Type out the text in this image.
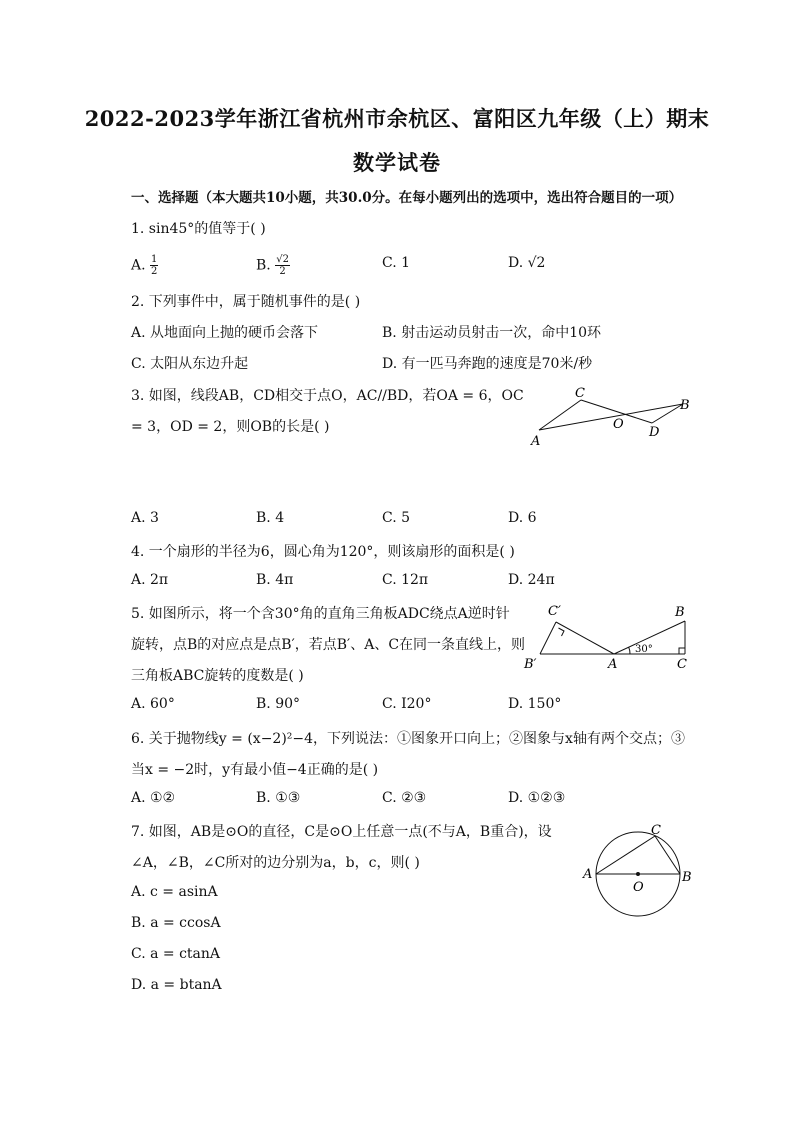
2022-2023学年浙江省杭州市余杭区、富阳区九年级（上）期末
数学试卷
一、选择题（本大题共10小题，共30.0分。在每小题列出的选项中，选出符合题目的一项）
1. sin45°的值等于( )
A. $\frac{1}{2}$	B. $\frac{√2}{2}$	C. 1	D. √2
2. 下列事件中，属于随机事件的是( )
A. 从地面向上抛的硬币会落下	B. 射击运动员射击一次，命中10环
C. 太阳从东边升起	D. 有一匹马奔跑的速度是70米/秒
3. 如图，线段AB，CD相交于点O，AC//BD，若OA = 6，OC
= 3，OD = 2，则OB的长是( )
A
C
O
D
B
A. 3	B. 4	C. 5	D. 6
4. 一个扇形的半径为6，圆心角为120°，则该扇形的面积是( )
A. 2π	B. 4π	C. 12π	D. 24π
5. 如图所示，将一个含30°角的直角三角板ADC绕点A逆时针
旋转，点B的对应点是点B′，若点B′、A、C在同一条直线上，则
三角板ABC旋转的度数是( )
30°
C′
B′	A
B
C
A. 60°	B. 90°	C. I20°	D. 150°
6. 关于抛物线y = (x−2)²−4，下列说法：①图象开口向上；②图象与x轴有两个交点；③
当x = −2时，y有最小值−4正确的是( )
A. ①②	B. ①③	C. ②③	D. ①②③
7. 如图，AB是⊙O的直径，C是⊙O上任意一点(不与A，B重合)，设
∠A，∠B，∠C所对的边分别为a，b，c，则( )
A. c = asinA
B. a = ccosA
C. a = ctanA
D. a = btanA
A	B
C
O
